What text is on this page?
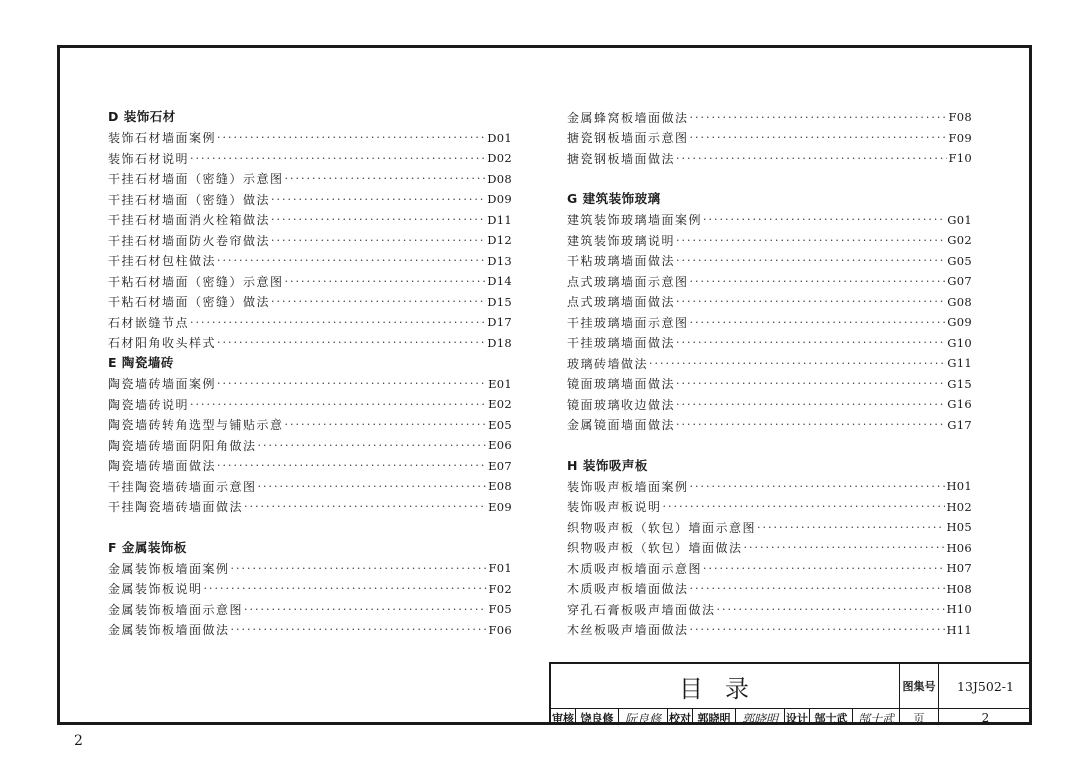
D 装饰石材
装饰石材墙面案例 ·····	D01
装饰石材说明 ·····	D02
干挂石材墙面（密缝）示意图 ·····	D08
干挂石材墙面（密缝）做法 ·····	D09
干挂石材墙面消火栓箱做法 ·····	D11
干挂石材墙面防火卷帘做法 ·····	D12
干挂石材包柱做法 ·····	D13
干粘石材墙面（密缝）示意图 ·····	D14
干粘石材墙面（密缝）做法 ·····	D15
石材嵌缝节点 ·····	D17
石材阳角收头样式 ·····	D18
E 陶瓷墙砖
陶瓷墙砖墙面案例 ·····	E01
陶瓷墙砖说明 ·····	E02
陶瓷墙砖转角选型与铺贴示意 ·····	E05
陶瓷墙砖墙面阴阳角做法 ·····	E06
陶瓷墙砖墙面做法 ·····	E07
干挂陶瓷墙砖墙面示意图 ·····	E08
干挂陶瓷墙砖墙面做法 ·····	E09
F 金属装饰板
金属装饰板墙面案例 ·····	F01
金属装饰板说明 ·····	F02
金属装饰板墙面示意图 ·····	F05
金属装饰板墙面做法 ·····	F06
金属蜂窝板墙面做法 ·····	F08
搪瓷钢板墙面示意图 ·····	F09
搪瓷钢板墙面做法 ·····	F10
G 建筑装饰玻璃
建筑装饰玻璃墙面案例 ·····	G01
建筑装饰玻璃说明 ·····	G02
干粘玻璃墙面做法 ·····	G05
点式玻璃墙面示意图 ·····	G07
点式玻璃墙面做法 ·····	G08
干挂玻璃墙面示意图 ·····	G09
干挂玻璃墙面做法 ·····	G10
玻璃砖墙做法 ·····	G11
镜面玻璃墙面做法 ·····	G15
镜面玻璃收边做法 ·····	G16
金属镜面墙面做法 ·····	G17
H 装饰吸声板
装饰吸声板墙面案例 ·····	H01
装饰吸声板说明 ·····	H02
织物吸声板（软包）墙面示意图 ·····	H05
织物吸声板（软包）墙面做法 ·····	H06
木质吸声板墙面示意图 ·····	H07
木质吸声板墙面做法 ·····	H08
穿孔石膏板吸声墙面做法 ·····	H10
木丝板吸声墙面做法 ·····	H11
目录	图集号	13J502-1
审核 饶良修 阮良修 校对 郭晓明 郭晓明 设计 郜士武 郜士武	页	2
2
